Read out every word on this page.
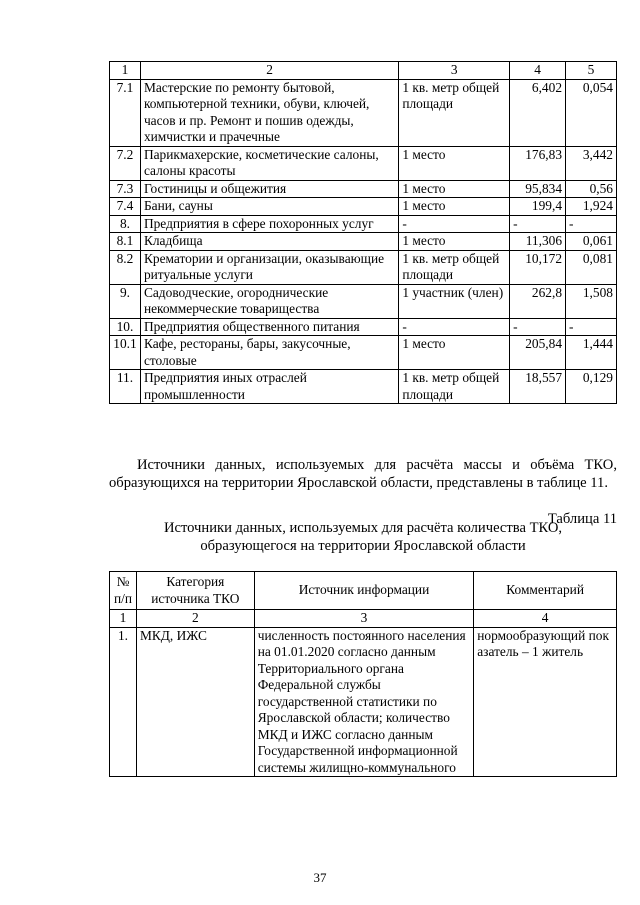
1	2	3	4	5
7.1	Мастерские по ремонту бытовой, компьютерной техники, обуви, ключей, часов и пр. Ремонт и пошив одежды, химчистки и прачечные	1 кв. метр общей площади	6,402	0,054
7.2	Парикмахерские, косметические салоны, салоны красоты	1 место	176,83	3,442
7.3	Гостиницы и общежития	1 место	95,834	0,56
7.4	Бани, сауны	1 место	199,4	1,924
8.	Предприятия в сфере похоронных услуг	-	-	-
8.1	Кладбища	1 место	11,306	0,061
8.2	Крематории и организации, оказывающие ритуальные услуги	1 кв. метр общей площади	10,172	0,081
9.	Садоводческие, огороднические некоммерческие товарищества	1 участник (член)	262,8	1,508
10.	Предприятия общественного питания	-	-	-
10.1	Кафе, рестораны, бары, закусочные, столовые	1 место	205,84	1,444
11.	Предприятия иных отраслей промышленности	1 кв. метр общей площади	18,557	0,129
Источники данных, используемых для расчёта массы и объёма ТКО, образующихся на территории Ярославской области, представлены в таблице 11.
Таблица 11
Источники данных, используемых для расчёта количества ТКО,
образующегося на территории Ярославской области
№ п/п	Категория источника ТКО	Источник информации	Комментарий
1	2	3	4
1.	МКД, ИЖС	численность постоянного населения на 01.01.2020 согласно данным Территориального органа Федеральной службы государственной статистики по Ярославской области; количество МКД и ИЖС согласно данным Государственной информационной системы жилищно-коммунального	нормообразующий показатель – 1 житель
37
